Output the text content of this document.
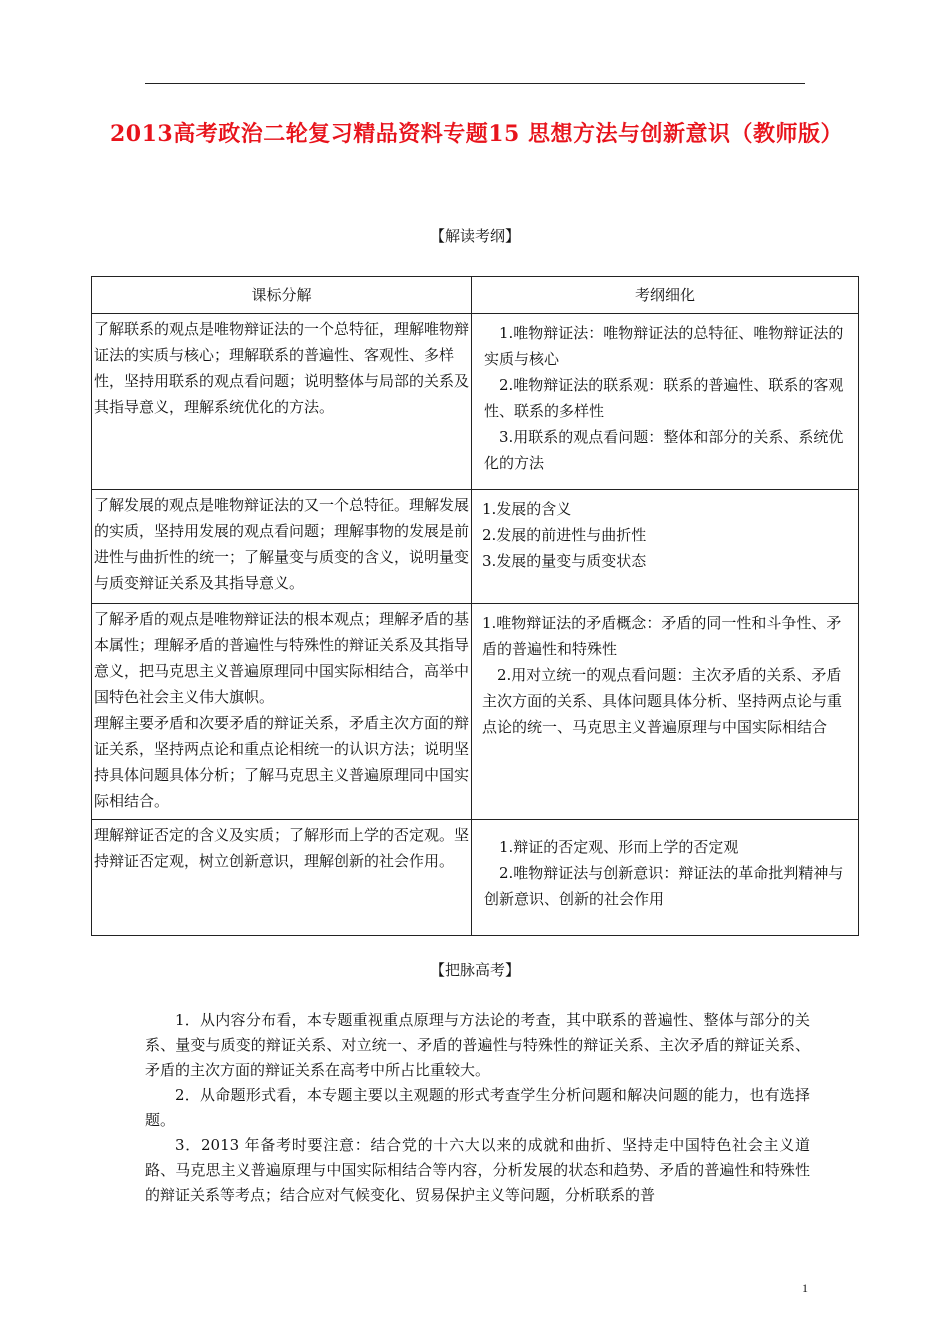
2013高考政治二轮复习精品资料专题15 思想方法与创新意识（教师版）
【解读考纲】
课标分解	考纲细化

了解联系的观点是唯物辩证法的一个总特征，理解唯物辩证法的实质与核心；理解联系的普遍性、客观性、多样性，坚持用联系的观点看问题；说明整体与局部的关系及其指导意义，理解系统优化的方法。	1.唯物辩证法：唯物辩证法的总特征、唯物辩证法的实质与核心
2.唯物辩证法的联系观：联系的普遍性、联系的客观性、联系的多样性
3.用联系的观点看问题：整体和部分的关系、系统优化的方法

了解发展的观点是唯物辩证法的又一个总特征。理解发展的实质，坚持用发展的观点看问题；理解事物的发展是前进性与曲折性的统一；了解量变与质变的含义，说明量变与质变辩证关系及其指导意义。	1.发展的含义
2.发展的前进性与曲折性
3.发展的量变与质变状态

了解矛盾的观点是唯物辩证法的根本观点；理解矛盾的基本属性；理解矛盾的普遍性与特殊性的辩证关系及其指导意义，把马克思主义普遍原理同中国实际相结合，高举中国特色社会主义伟大旗帜。
理解主要矛盾和次要矛盾的辩证关系，矛盾主次方面的辩证关系，坚持两点论和重点论相统一的认识方法；说明坚持具体问题具体分析；了解马克思主义普遍原理同中国实际相结合。	1.唯物辩证法的矛盾概念：矛盾的同一性和斗争性、矛盾的普遍性和特殊性
2.用对立统一的观点看问题：主次矛盾的关系、矛盾主次方面的关系、具体问题具体分析、坚持两点论与重点论的统一、马克思主义普遍原理与中国实际相结合

理解辩证否定的含义及实质；了解形而上学的否定观。坚持辩证否定观，树立创新意识，理解创新的社会作用。	1.辩证的否定观、形而上学的否定观
2.唯物辩证法与创新意识：辩证法的革命批判精神与创新意识、创新的社会作用
【把脉高考】

1．从内容分布看，本专题重视重点原理与方法论的考查，其中联系的普遍性、整体与部分的关系、量变与质变的辩证关系、对立统一、矛盾的普遍性与特殊性的辩证关系、主次矛盾的辩证关系、矛盾的主次方面的辩证关系在高考中所占比重较大。

2．从命题形式看，本专题主要以主观题的形式考查学生分析问题和解决问题的能力，也有选择题。

3．2013 年备考时要注意：结合党的十六大以来的成就和曲折、坚持走中国特色社会主义道路、马克思主义普遍原理与中国实际相结合等内容，分析发展的状态和趋势、矛盾的普遍性和特殊性的辩证关系等考点；结合应对气候变化、贸易保护主义等问题，分析联系的普

1
